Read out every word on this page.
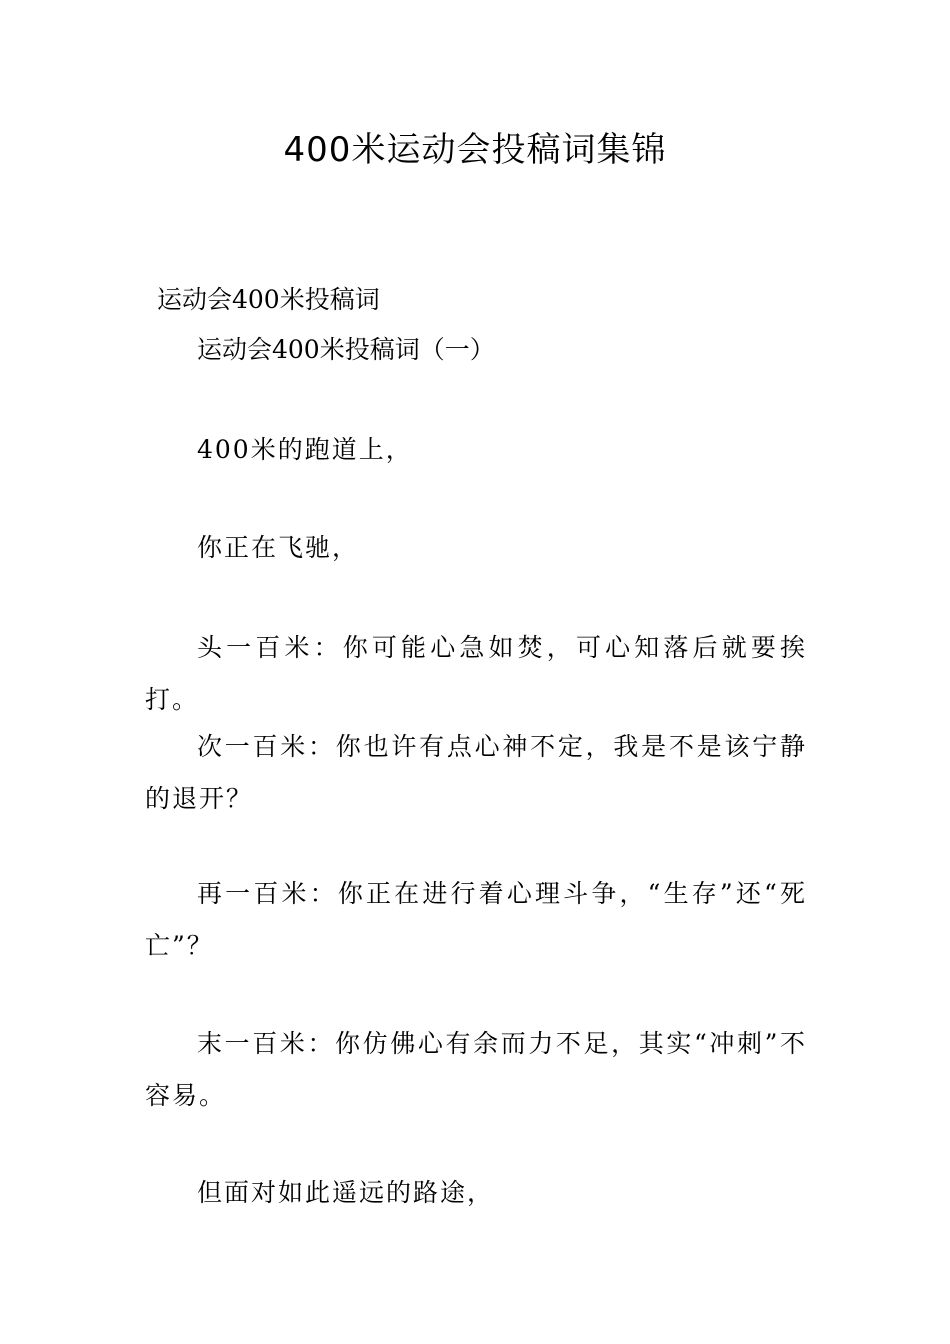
400米运动会投稿词集锦

运动会400米投稿词

运动会400米投稿词（一）

400米的跑道上，

你正在飞驰，

头一百米：你可能心急如焚，可心知落后就要挨打。

次一百米：你也许有点心神不定，我是不是该宁静的退开？

再一百米：你正在进行着心理斗争，“生存”还“死亡”？

末一百米：你仿佛心有余而力不足，其实“冲刺”不容易。

但面对如此遥远的路途，
